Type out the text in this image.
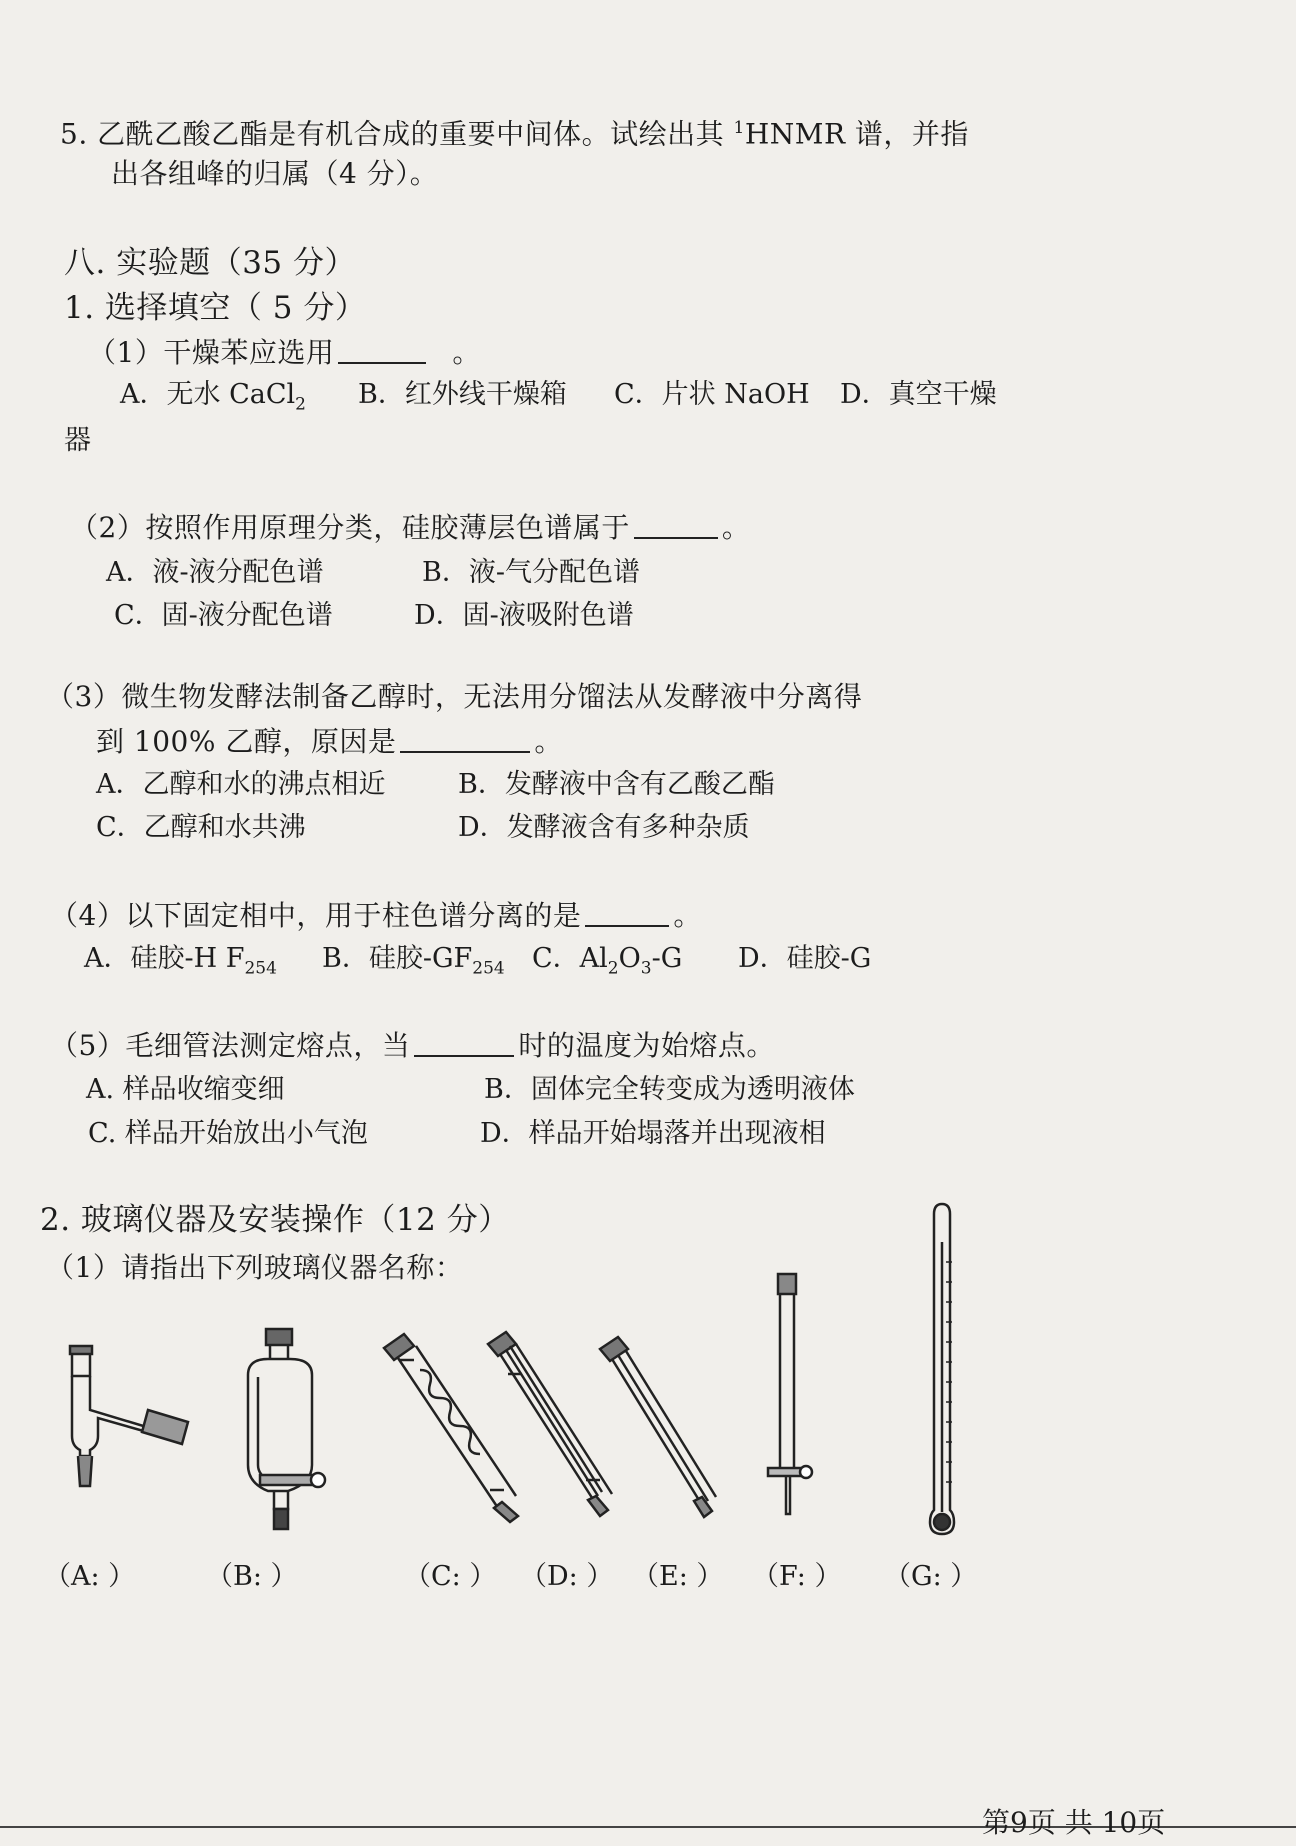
5. 乙酰乙酸乙酯是有机合成的重要中间体。试绘出其 $^1$HNMR 谱，并指
出各组峰的归属（4 分）。
八. 实验题（35 分）
1. 选择填空（ 5 分）
（1）干燥苯应选用	。
A．无水 CaCl$_2$ B．红外线干燥箱 C．片状 NaOH D．真空干燥
器
（2）按照作用原理分类，硅胶薄层色谱属于	。
A．液-液分配色谱	B．液-气分配色谱
C．固-液分配色谱	D．固-液吸附色谱
（3）微生物发酵法制备乙醇时，无法用分馏法从发酵液中分离得
到 100% 乙醇，原因是	。
A．乙醇和水的沸点相近	B．发酵液中含有乙酸乙酯
C．乙醇和水共沸	D．发酵液含有多种杂质
（4）以下固定相中，用于柱色谱分离的是	。
A．硅胶-H $F_{254}$ B．硅胶$-GF_{254}$ C．$Al_2O_3-G$ D．硅胶-G
（5）毛细管法测定熔点，当	时的温度为始熔点。
A. 样品收缩变细	B．固体完全转变成为透明液体
C. 样品开始放出小气泡	D．样品开始塌落并出现液相
2. 玻璃仪器及安装操作（12 分）
（1）请指出下列玻璃仪器名称：
（A: ）	（B: ）	（C: ） （D: ） （E: ） （F: ） （G: ）
第9页 共 10页
